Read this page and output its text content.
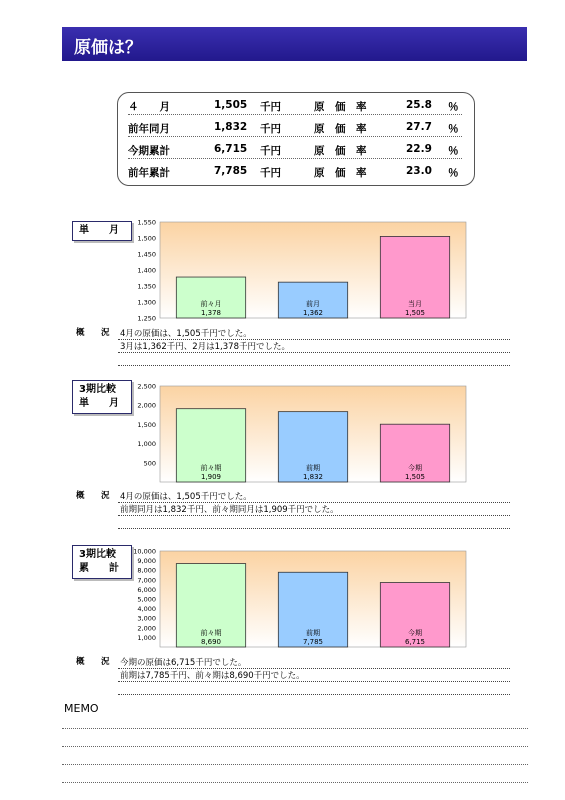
原価は？
４　　月	1,505 千円	原　価　率	25.8 ％
前年同月	1,832 千円	原　価　率	27.7 ％
今期累計	6,715 千円	原　価　率	22.9 ％
前年累計	7,785 千円	原　価　率	23.0 ％
単　　月
1,250
1,300
1,350
1,400
1,450
1,500
1,550
前々月
1,378
前月
1,362
当月
1,505
概　況 4月の原価は、1,505千円でした。
3月は1,362千円、2月は1,378千円でした。
3期比較
単　　月
500
1,000
1,500
2,000
2,500
前々期
1,909
前期
1,832
今期
1,505
概　況 4月の原価は、1,505千円でした。
前期同月は1,832千円、前々期同月は1,909千円でした。
3期比較
累　　計
1,000
2,000
3,000
4,000
5,000
6,000
7,000
8,000
9,000
10,000
前々期
8,690
前期
7,785
今期
6,715
概　況 今期の原価は6,715千円でした。
前期は7,785千円、前々期は8,690千円でした。
MEMO
